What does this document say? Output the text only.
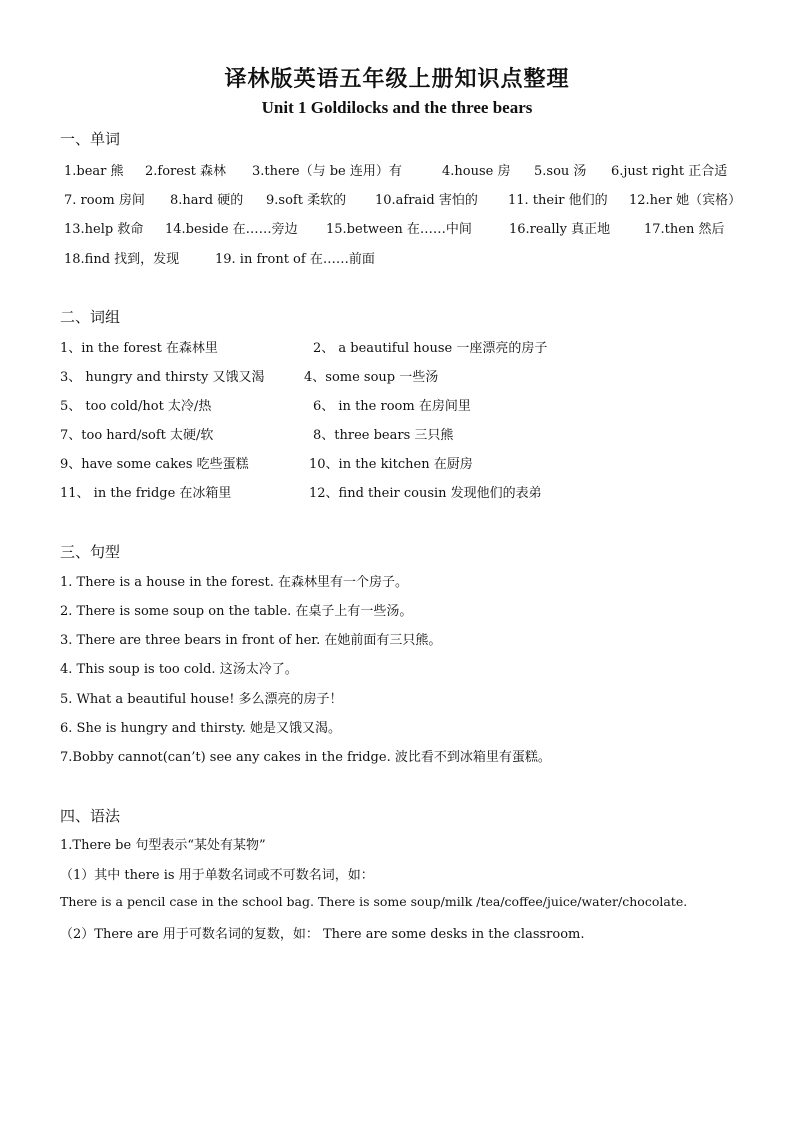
译林版英语五年级上册知识点整理
Unit 1 Goldilocks and the three bears
一、单词
1.bear 熊 2.forest 森林 3.there（与 be 连用）有	4.house 房 5.sou 汤 6.just right 正合适
7. room 房间 8.hard 硬的 9.soft 柔软的 10.afraid 害怕的 11. their 他们的 12.her 她（宾格）
13.help 救命 14.beside 在……旁边 15.between 在……中间	16.really 真正地	17.then 然后
18.find 找到，发现	19. in front of 在……前面
二、词组
1、in the forest 在森林里	2、 a beautiful house 一座漂亮的房子
3、 hungry and thirsty 又饿又渴	4、some soup 一些汤
5、 too cold/hot 太冷/热	6、 in the room 在房间里
7、too hard/soft 太硬/软	8、three bears 三只熊
9、have some cakes 吃些蛋糕	10、in the kitchen 在厨房
11、 in the fridge 在冰箱里	12、find their cousin 发现他们的表弟
三、句型
1. There is a house in the forest. 在森林里有一个房子。
2. There is some soup on the table. 在桌子上有一些汤。
3. There are three bears in front of her. 在她前面有三只熊。
4. This soup is too cold. 这汤太冷了。
5. What a beautiful house! 多么漂亮的房子！
6. She is hungry and thirsty. 她是又饿又渴。
7.Bobby cannot(can’t) see any cakes in the fridge. 波比看不到冰箱里有蛋糕。
四、语法
1.There be 句型表示“某处有某物”
（1）其中 there is 用于单数名词或不可数名词，如：
There is a pencil case in the school bag. There is some soup/milk /tea/coffee/juice/water/chocolate.
（2）There are 用于可数名词的复数，如： There are some desks in the classroom.
